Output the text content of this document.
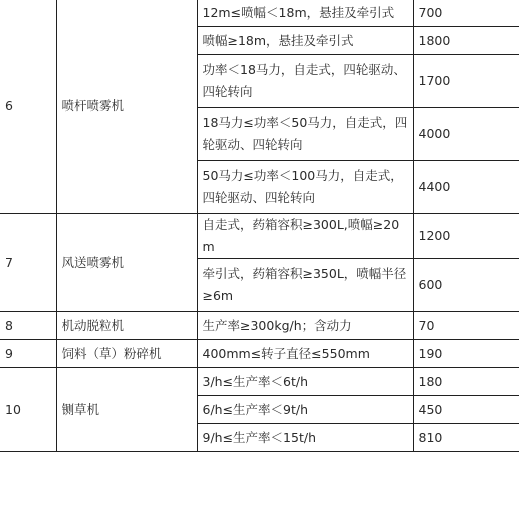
6	喷杆喷雾机	12m≤喷幅＜18m，悬挂及牵引式	700
		喷幅≥18m，悬挂及牵引式	1800
		功率＜18马力，自走式，四轮驱动、四轮转向	1700
		18马力≤功率＜50马力，自走式，四轮驱动、四轮转向	4000
		50马力≤功率＜100马力，自走式，四轮驱动、四轮转向	4400
7	风送喷雾机	自走式，药箱容积≥300L,喷幅≥20m	1200
		牵引式，药箱容积≥350L，喷幅半径≥6m	600
8	机动脱粒机	生产率≥300kg/h；含动力	70
9	饲料（草）粉碎机	400mm≤转子直径≤550mm	190
10	铡草机	3/h≤生产率＜6t/h	180
		6/h≤生产率＜9t/h	450
		9/h≤生产率＜15t/h	810
